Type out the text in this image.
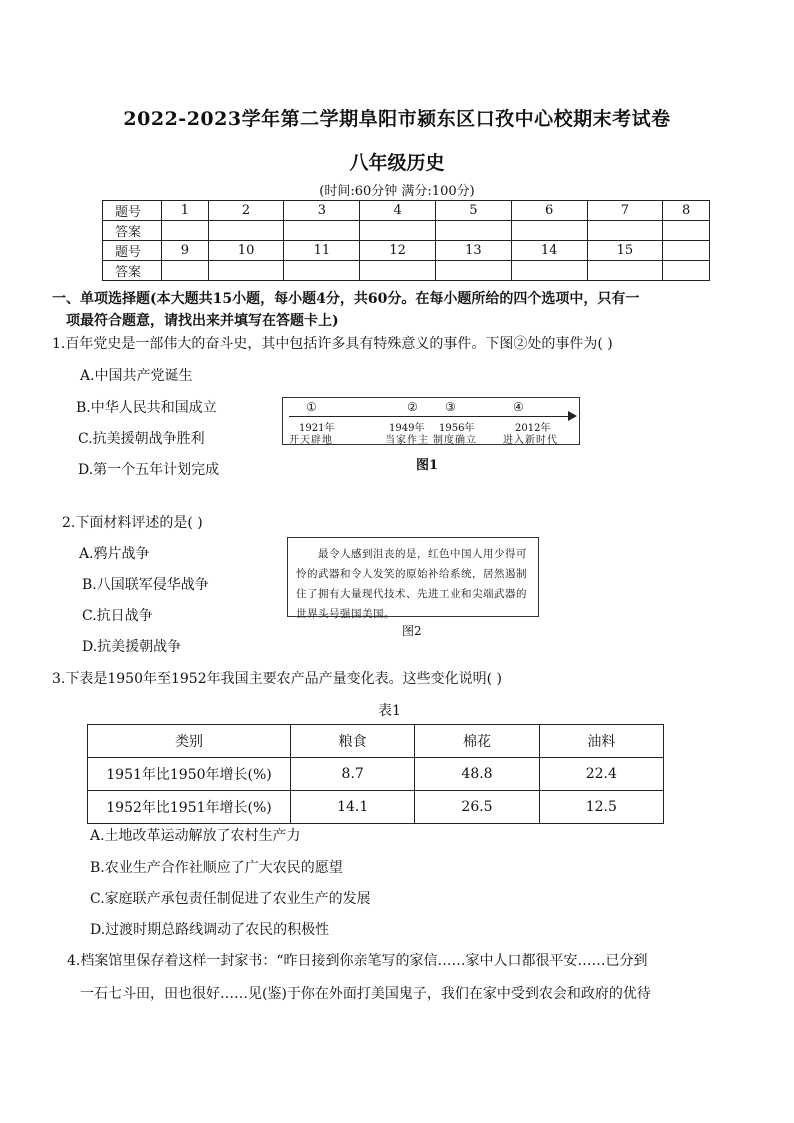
2022-2023学年第二学期阜阳市颍东区口孜中心校期末考试卷
八年级历史
(时间:60分钟 满分:100分)
题号	1	2	3	4	5	6	7	8
答案								
题号	9	10	11	12	13	14	15	
答案								
一、单项选择题(本大题共15小题，每小题4分，共60分。在每小题所给的四个选项中，只有一
项最符合题意，请找出来并填写在答题卡上)
1.百年党史是一部伟大的奋斗史，其中包括许多具有特殊意义的事件。下图②处的事件为( )
A.中国共产党诞生
B.中华人民共和国成立
C.抗美援朝战争胜利
D.第一个五年计划完成
①	② ③	④
1921年	1949年 1956年	2012年
开天辟地	当家作主 制度确立	进入新时代
图1
2.下面材料评述的是( )
A.鸦片战争
B.八国联军侵华战争
C.抗日战争
D.抗美援朝战争
最令人感到沮丧的是，红色中国人用少得可怜的武器和令人发笑的原始补给系统，居然遏制住了拥有大量现代技术、先进工业和尖端武器的世界头号强国美国。
图2
3.下表是1950年至1952年我国主要农产品产量变化表。这些变化说明( )
表1
类别	粮食	棉花	油料
1951年比1950年增长(%)	8.7	48.8	22.4
1952年比1951年增长(%)	14.1	26.5	12.5
A.土地改革运动解放了农村生产力
B.农业生产合作社顺应了广大农民的愿望
C.家庭联产承包责任制促进了农业生产的发展
D.过渡时期总路线调动了农民的积极性
4.档案馆里保存着这样一封家书：“昨日接到你亲笔写的家信……家中人口都很平安……已分到
一石七斗田，田也很好……见(鉴)于你在外面打美国鬼子，我们在家中受到农会和政府的优待
